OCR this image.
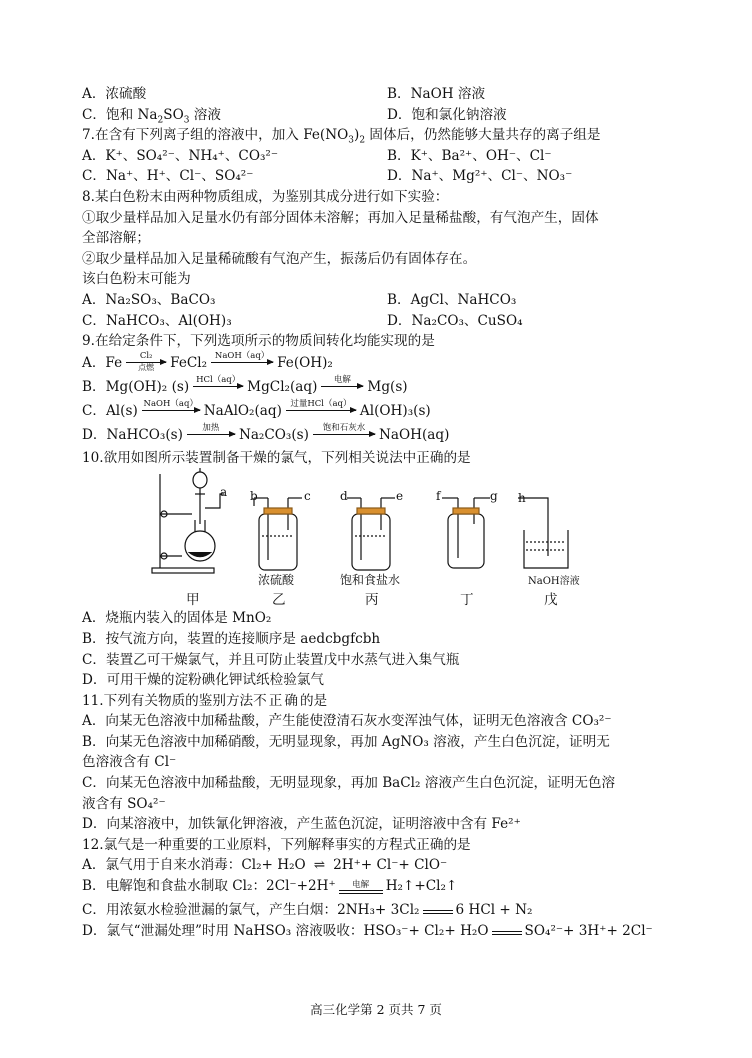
A．浓硫酸	B．NaOH 溶液
C．饱和 $Na_2SO_3$ 溶液	D．饱和氯化钠溶液
7.在含有下列离子组的溶液中，加入 $Fe(NO_3)_2$ 固体后，仍然能够大量共存的离子组是
A．K⁺、SO₄²⁻、NH₄⁺、CO₃²⁻	B．K⁺、Ba²⁺、OH⁻、Cl⁻
C．Na⁺、H⁺、Cl⁻、SO₄²⁻	D．Na⁺、Mg²⁺、Cl⁻、NO₃⁻
8.某白色粉末由两种物质组成，为鉴别其成分进行如下实验：
①取少量样品加入足量水仍有部分固体未溶解；再加入足量稀盐酸，有气泡产生，固体
全部溶解；
②取少量样品加入足量稀硫酸有气泡产生，振荡后仍有固体存在。
该白色粉末可能为
A．Na₂SO₃、BaCO₃	B．AgCl、NaHCO₃
C．NaHCO₃、Al(OH)₃	D．Na₂CO₃、CuSO₄
9.在给定条件下，下列选项所示的物质间转化均能实现的是
A．Fe Cl₂
点燃 FeCl₂ NaOH（aq） Fe(OH)₂
B．Mg(OH)₂ (s) HCl（aq） MgCl₂(aq) 电解 Mg(s)
C．Al(s) NaOH（aq） NaAlO₂(aq) 过量HCl（aq） Al(OH)₃(s)
D．NaHCO₃(s) 加热 Na₂CO₃(s) 饱和石灰水 NaOH(aq)
10.欲用如图所示装置制备干燥的氯气，下列相关说法中正确的是
a b	c d	e	f	g h
浓硫酸	饱和食盐水	NaOH溶液
甲	乙	丙	丁	戊
A．烧瓶内装入的固体是 MnO₂
B．按气流方向，装置的连接顺序是 aedcbgfcbh
C．装置乙可干燥氯气，并且可防止装置戊中水蒸气进入集气瓶
D．可用干燥的淀粉碘化钾试纸检验氯气
11.下列有关物质的鉴别方法不正确的是
A．向某无色溶液中加稀盐酸，产生能使澄清石灰水变浑浊气体，证明无色溶液含 CO₃²⁻
B．向某无色溶液中加稀硝酸，无明显现象，再加 AgNO₃ 溶液，产生白色沉淀，证明无
色溶液含有 Cl⁻
C．向某无色溶液中加稀盐酸，无明显现象，再加 BaCl₂ 溶液产生白色沉淀，证明无色溶
液含有 SO₄²⁻
D．向某溶液中，加铁氰化钾溶液，产生蓝色沉淀，证明溶液中含有 Fe²⁺
12.氯气是一种重要的工业原料，下列解释事实的方程式正确的是
A．氯气用于自来水消毒：Cl₂+ H₂O ⇌ 2H⁺+ Cl⁻+ ClO⁻
B．电解饱和食盐水制取 Cl₂：2Cl⁻+2H⁺ 电解 H₂↑+Cl₂↑
C．用浓氨水检验泄漏的氯气，产生白烟：2NH₃+ 3Cl₂	6 HCl + N₂
D．氯气“泄漏处理”时用 NaHSO₃ 溶液吸收：HSO₃⁻+ Cl₂+ H₂O	SO₄²⁻+ 3H⁺+ 2Cl⁻
高三化学第 2 页共 7 页
